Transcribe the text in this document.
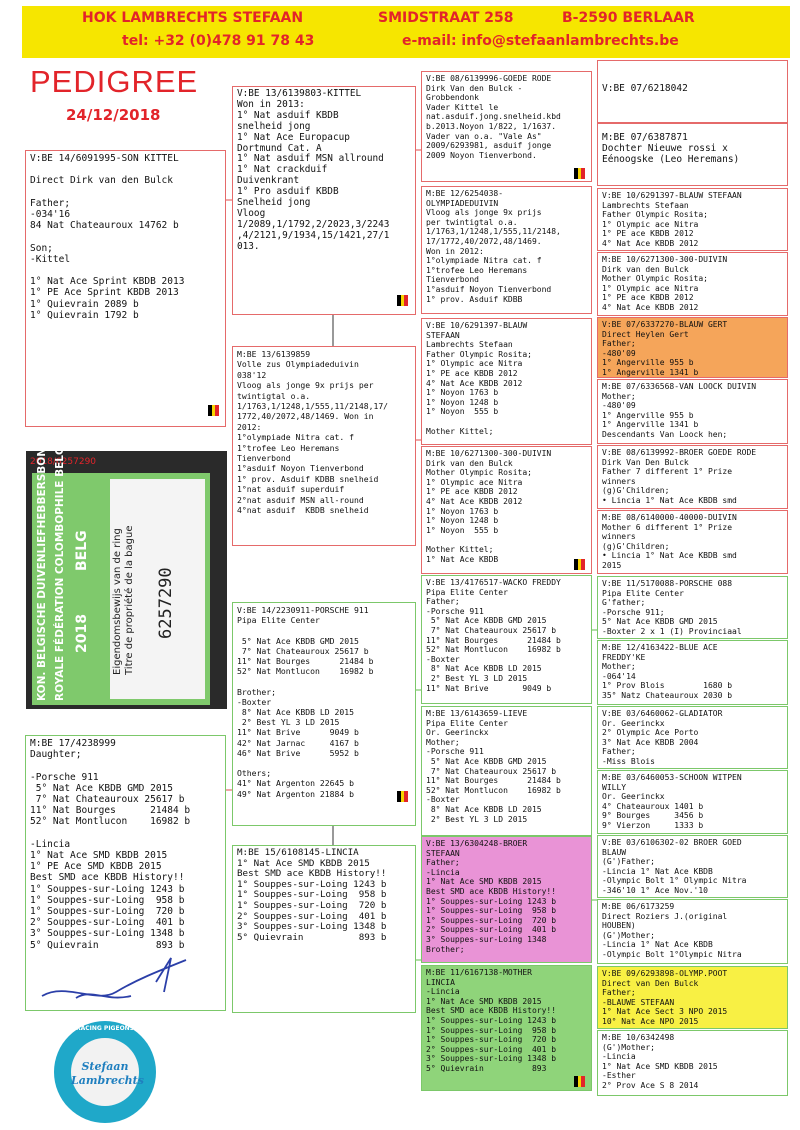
HOK LAMBRECHTS STEFAAN	SMIDSTRAAT 258	B-2590 BERLAAR
tel: +32 (0)478 91 78 43	e-mail: info@stefaanlambrechts.be
PEDIGREE
24/12/2018
V:BE 14/6091995-SON KITTEL

Direct Dirk van den Bulck

Father;
-034'16
84 Nat Chateauroux 14762 b

Son;
-Kittel

1° Nat Ace Sprint KBDB 2013
1° PE Ace Sprint KBDB 2013
1° Quievrain 2089 b
1° Quievrain 1792 b
2018/6257290
KON. BELGISCHE DUIVENLIEFHEBBERSBOND ROYALE FÉDÉRATION COLOMBOPHILE BELGE 2018
BELG Eigendomsbewijs van de ring Titre de propriété de la bague 6257290
M:BE 17/4238999
Daughter;

-Porsche 911
5° Nat Ace KBDB GMD 2015
7° Nat Chateauroux 25617 b
11° Nat Bourges      21484 b
52° Nat Montlucon    16982 b

-Lincia
1° Nat Ace SMD KBDB 2015
1° PE Ace SMD KBDB 2015
Best SMD ace KBDB History!!
1° Souppes-sur-Loing 1243 b
1° Souppes-sur-Loing  958 b
1° Souppes-sur-Loing  720 b
2° Souppes-sur-Loing  401 b
3° Souppes-sur-Loing 1348 b
5° Quievrain          893 b
V:BE 13/6139803-KITTEL
Won in 2013:
1° Nat asduif KBDB
snelheid jong
1° Nat Ace Europacup
Dortmund Cat. A
1° Nat asduif MSN allround
1° Nat crackduif
Duivenkrant
1° Pro asduif KBDB
Snelheid jong
Vloog
1/2089,1/1792,2/2023,3/2243
,4/2121,9/1934,15/1421,27/1
013.
M:BE 13/6139859
Volle zus Olympiadeduivin
038'12
Vloog als jonge 9x prijs per
twintigtal o.a.
1/1763,1/1248,1/555,11/2148,17/
1772,40/2072,48/1469. Won in
2012:
1°olympiade Nitra cat. f
1°trofee Leo Heremans
Tienverbond
1°asduif Noyon Tienverbond
1° prov. Asduif KDBB snelheid
1°nat asduif superduif
2°nat asduif MSN all-round
4°nat asduif  KBDB snelheid
V:BE 14/2230911-PORSCHE 911
Pipa Elite Center

5° Nat Ace KBDB GMD 2015
7° Nat Chateauroux 25617 b
11° Nat Bourges      21484 b
52° Nat Montlucon    16982 b

Brother;
-Boxter
8° Nat Ace KBDB LD 2015
2° Best YL 3 LD 2015
11° Nat Brive      9049 b
42° Nat Jarnac     4167 b
46° Nat Brive      5952 b

Others;
41° Nat Argenton 22645 b
49° Nat Argenton 21884 b
M:BE 15/6108145-LINCIA
1° Nat Ace SMD KBDB 2015
Best SMD ace KBDB History!!
1° Souppes-sur-Loing 1243 b
1° Souppes-sur-Loing  958 b
1° Souppes-sur-Loing  720 b
2° Souppes-sur-Loing  401 b
3° Souppes-sur-Loing 1348 b
5° Quievrain          893 b
V:BE 08/6139996-GOEDE RODE
Dirk Van den Bulck -
Grobbendonk
Vader Kittel le
nat.asduif.jong.snelheid.kbd
b.2013.Noyon 1/822, 1/1637.
Vader van o.a. "Vale As"
2009/6293981, asduif jonge
2009 Noyon Tienverbond.
M:BE 12/6254038-
OLYMPIADEDUIVIN
Vloog als jonge 9x prijs
per twintigtal o.a.
1/1763,1/1248,1/555,11/2148,
17/1772,40/2072,48/1469.
Won in 2012:
1°olympiade Nitra cat. f
1°trofee Leo Heremans
Tienverbond
1°asduif Noyon Tienverbond
1° prov. Asduif KDBB
V:BE 10/6291397-BLAUW
STEFAAN
Lambrechts Stefaan
Father Olympic Rosita;
1° Olympic ace Nitra
1° PE ace KBDB 2012
4° Nat Ace KBDB 2012
1° Noyon 1763 b
1° Noyon 1248 b
1° Noyon  555 b

Mother Kittel;
M:BE 10/6271300-300-DUIVIN
Dirk van den Bulck
Mother Olympic Rosita;
1° Olympic ace Nitra
1° PE ace KBDB 2012
4° Nat Ace KBDB 2012
1° Noyon 1763 b
1° Noyon 1248 b
1° Noyon  555 b

Mother Kittel;
1° Nat Ace KBDB
V:BE 13/4176517-WACKO FREDDY
Pipa Elite Center
Father;
-Porsche 911
5° Nat Ace KBDB GMD 2015
7° Nat Chateauroux 25617 b
11° Nat Bourges      21484 b
52° Nat Montlucon    16982 b
-Boxter
8° Nat Ace KBDB LD 2015
2° Best YL 3 LD 2015
11° Nat Brive       9049 b
M:BE 13/6143659-LIEVE
Pipa Elite Center
Or. Geerinckx
Mother;
-Porsche 911
5° Nat Ace KBDB GMD 2015
7° Nat Chateauroux 25617 b
11° Nat Bourges      21484 b
52° Nat Montlucon    16982 b
-Boxter
8° Nat Ace KBDB LD 2015
2° Best YL 3 LD 2015
V:BE 13/6304248-BROER
STEFAAN
Father;
-Lincia
1° Nat Ace SMD KBDB 2015
Best SMD ace KBDB History!!
1° Souppes-sur-Loing 1243 b
1° Souppes-sur-Loing  958 b
1° Souppes-sur-Loing  720 b
2° Souppes-sur-Loing  401 b
3° Souppes-sur-Loing 1348
Brother;
M:BE 11/6167138-MOTHER
LINCIA
-Lincia
1° Nat Ace SMD KBDB 2015
Best SMD ace KBDB History!!
1° Souppes-sur-Loing 1243 b
1° Souppes-sur-Loing  958 b
1° Souppes-sur-Loing  720 b
2° Souppes-sur-Loing  401 b
3° Souppes-sur-Loing 1348 b
5° Quievrain          893
V:BE 07/6218042
M:BE 07/6387871
Dochter Nieuwe rossi x
Eénoogske (Leo Heremans)
V:BE 10/6291397-BLAUW STEFAAN
Lambrechts Stefaan
Father Olympic Rosita;
1° Olympic ace Nitra
1° PE ace KBDB 2012
4° Nat Ace KBDB 2012
M:BE 10/6271300-300-DUIVIN
Dirk van den Bulck
Mother Olympic Rosita;
1° Olympic ace Nitra
1° PE ace KBDB 2012
4° Nat Ace KBDB 2012
V:BE 07/6337270-BLAUW GERT
Direct Heylen Gert
Father;
-480'09
1° Angerville 955 b
1° Angerville 1341 b
M:BE 07/6336568-VAN LOOCK DUIVIN
Mother;
-480'09
1° Angerville 955 b
1° Angerville 1341 b
Descendants Van Loock hen;
V:BE 08/6139992-BROER GOEDE RODE
Dirk Van Den Bulck
Father 7 different 1° Prize
winners
(g)G'Children;
• Lincia 1° Nat Ace KBDB smd
M:BE 08/6140000-40000-DUIVIN
Mother 6 different 1° Prize
winners
(g)G'Children;
• Lincia 1° Nat Ace KBDB smd
2015
V:BE 11/5170088-PORSCHE 088
Pipa Elite Center
G'father;
-Porsche 911;
5° Nat Ace KBDB GMD 2015
-Boxter 2 x 1 (I) Provinciaal
M:BE 12/4163422-BLUE ACE
FREDDY'KE
Mother;
-064'14
1° Prov Blois        1680 b
35° Natz Chateauroux 2030 b
V:BE 03/6460062-GLADIATOR
Or. Geerinckx
2° Olympic Ace Porto
3° Nat Ace KBDB 2004
Father;
-Miss Blois
M:BE 03/6460053-SCHOON WITPEN
WILLY
Or. Geerinckx
4° Chateauroux 1401 b
9° Bourges     3456 b
9° Vierzon     1333 b
V:BE 03/6106302-02 BROER GOED
BLAUW
(G')Father;
-Lincia 1° Nat Ace KBDB
-Olympic Bolt 1° Olympic Nitra
-346'10 1° Ace Nov.'10
M:BE 06/6173259
Direct Roziers J.(original
HOUBEN)
(G')Mother;
-Lincia 1° Nat Ace KBDB
-Olympic Bolt 1°Olympic Nitra
V:BE 09/6293898-OLYMP.POOT
Direct van Den Bulck
Father;
-BLAUWE STEFAAN
1° Nat Ace Sect 3 NPO 2015
10° Nat Ace NPO 2015
M:BE 10/6342498
(G')Mother;
-Lincia
1° Nat Ace SMD KBDB 2015
-Esther
2° Prov Ace S 8 2014
Stefaan
Lambrechts
RACING PIGEONS
